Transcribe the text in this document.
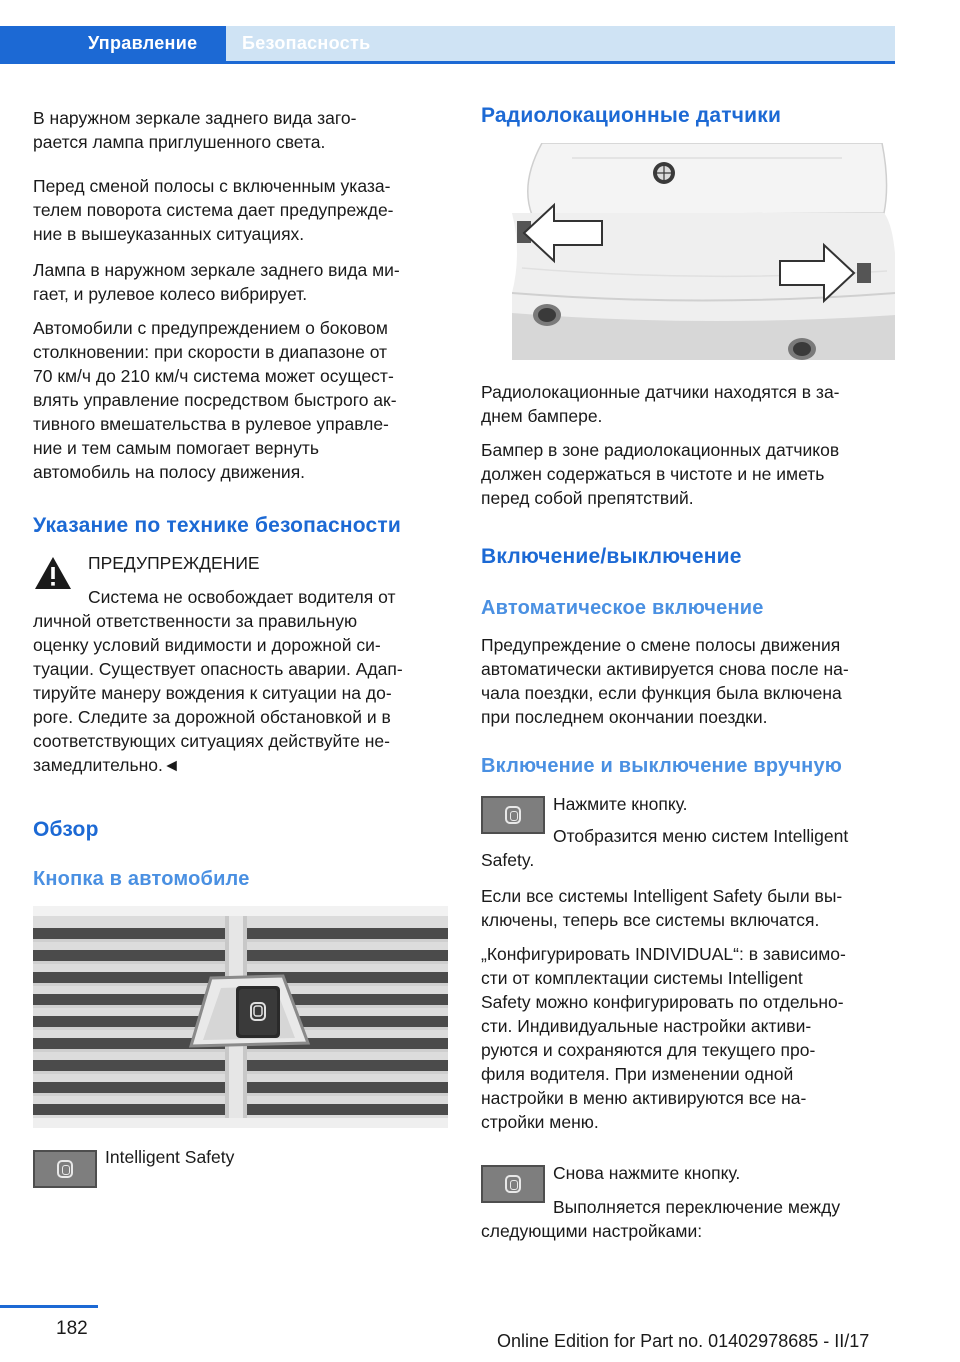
Управление Безопасность
В наружном зеркале заднего вида заго-
рается лампа приглушенного света.
Перед сменой полосы с включенным указа-
телем поворота система дает предупрежде-
ние в вышеуказанных ситуациях.
Лампа в наружном зеркале заднего вида ми-
гает, и рулевое колесо вибрирует.
Автомобили с предупреждением о боковом
столкновении: при скорости в диапазоне от
70 км/ч до 210 км/ч система может осущест-
влять управление посредством быстрого ак-
тивного вмешательства в рулевое управле-
ние и тем самым помогает вернуть
автомобиль на полосу движения.
Указание по технике безопасности
ПРЕДУПРЕЖДЕНИЕ
Система не освобождает водителя от
личной ответственности за правильную
оценку условий видимости и дорожной си-
туации. Существует опасность аварии. Адап-
тируйте манеру вождения к ситуации на до-
роге. Следите за дорожной обстановкой и в
соответствующих ситуациях действуйте не-
замедлительно.◄
Обзор
Кнопка в автомобиле
Intelligent Safety
Радиолокационные датчики
Радиолокационные датчики находятся в за-
днем бампере.
Бампер в зоне радиолокационных датчиков
должен содержаться в чистоте и не иметь
перед собой препятствий.
Включение/выключение
Автоматическое включение
Предупреждение о смене полосы движения
автоматически активируется снова после на-
чала поездки, если функция была включена
при последнем окончании поездки.
Включение и выключение вручную
Нажмите кнопку.
Отобразится меню систем Intelligent
Safety.
Если все системы Intelligent Safety были вы-
ключены, теперь все системы включатся.
„Конфигурировать INDIVIDUAL“: в зависимо-
сти от комплектации системы Intelligent
Safety можно конфигурировать по отдельно-
сти. Индивидуальные настройки активи-
руются и сохраняются для текущего про-
филя водителя. При изменении одной
настройки в меню активируются все на-
стройки меню.
Снова нажмите кнопку.
Выполняется переключение между
следующими настройками:
182
Online Edition for Part no. 01402978685 - II/17
